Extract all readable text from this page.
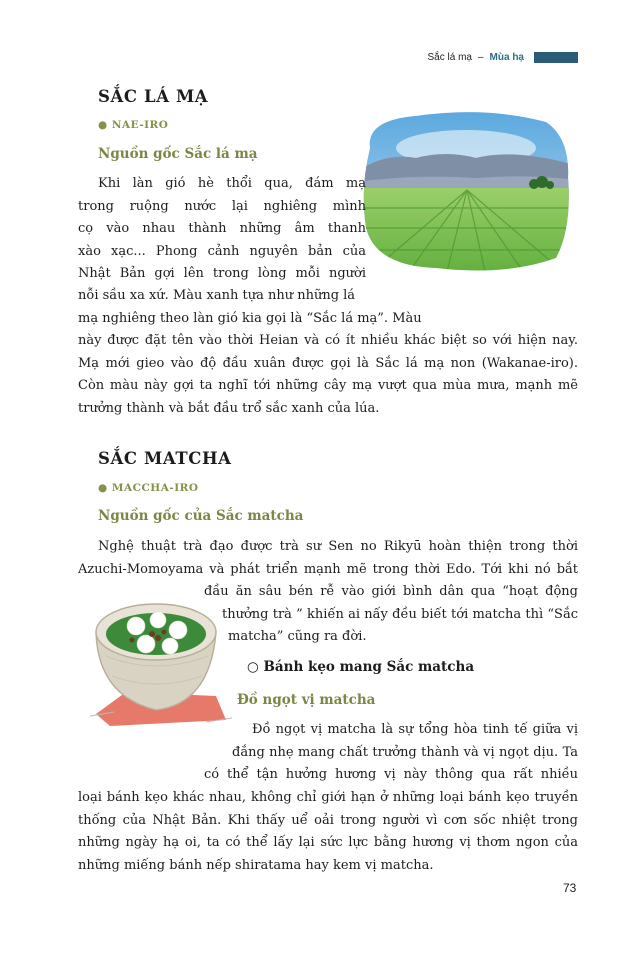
Sắc lá mạ – Mùa hạ
SẮC LÁ MẠ
● NAE-IRO
Nguồn gốc Sắc lá mạ
Khi làn gió hè thổi qua, đám mạ
trong ruộng nước lại nghiêng mình
cọ vào nhau thành những âm thanh
xào xạc... Phong cảnh nguyên bản của
Nhật Bản gợi lên trong lòng mỗi người
nỗi sầu xa xứ. Màu xanh tựa như những lá
mạ nghiêng theo làn gió kia gọi là “Sắc lá mạ”. Màu
này được đặt tên vào thời Heian và có ít nhiều khác biệt so với hiện nay.
Mạ mới gieo vào độ đầu xuân được gọi là Sắc lá mạ non (Wakanae-iro).
Còn màu này gợi ta nghĩ tới những cây mạ vượt qua mùa mưa, mạnh mẽ
trưởng thành và bắt đầu trổ sắc xanh của lúa.
SẮC MATCHA
● MACCHA-IRO
Nguồn gốc của Sắc matcha
Nghệ thuật trà đạo được trà sư Sen no Rikyū hoàn thiện trong thời
Azuchi-Momoyama và phát triển mạnh mẽ trong thời Edo. Tới khi nó bắt
đầu ăn sâu bén rễ vào giới bình dân qua “hoạt động
thưởng trà ” khiến ai nấy đều biết tới matcha thì “Sắc
matcha” cũng ra đời.
○ Bánh kẹo mang Sắc matcha
Đồ ngọt vị matcha
Đồ ngọt vị matcha là sự tổng hòa tinh tế giữa vị
đắng nhẹ mang chất trưởng thành và vị ngọt dịu. Ta
có thể tận hưởng hương vị này thông qua rất nhiều
loại bánh kẹo khác nhau, không chỉ giới hạn ở những loại bánh kẹo truyền
thống của Nhật Bản. Khi thấy uể oải trong người vì cơn sốc nhiệt trong
những ngày hạ oi, ta có thể lấy lại sức lực bằng hương vị thơm ngon của
những miếng bánh nếp shiratama hay kem vị matcha.
73
